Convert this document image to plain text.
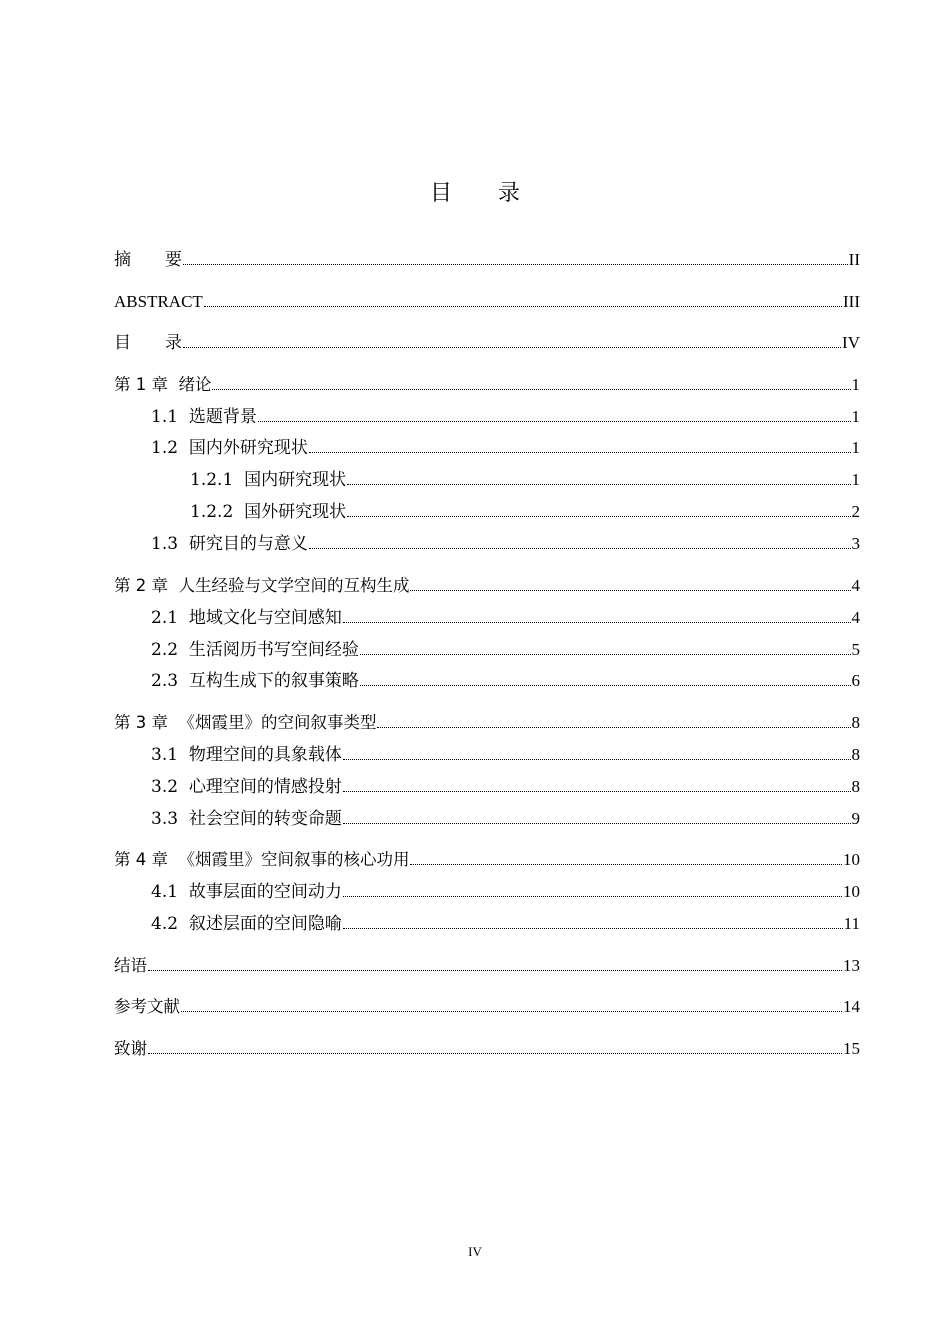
目录
摘　　要	II
ABSTRACT	III
目　　录	IV
第 1 章  绪论	1
1.1  选题背景	1
1.2  国内外研究现状	1
1.2.1  国内研究现状	1
1.2.2  国外研究现状	2
1.3  研究目的与意义	3
第 2 章  人生经验与文学空间的互构生成	4
2.1  地域文化与空间感知	4
2.2  生活阅历书写空间经验	5
2.3  互构生成下的叙事策略	6
第 3 章  《烟霞里》的空间叙事类型	8
3.1  物理空间的具象载体	8
3.2  心理空间的情感投射	8
3.3  社会空间的转变命题	9
第 4 章  《烟霞里》空间叙事的核心功用	10
4.1  故事层面的空间动力	10
4.2  叙述层面的空间隐喻	11
结语	13
参考文献	14
致谢	15
IV
